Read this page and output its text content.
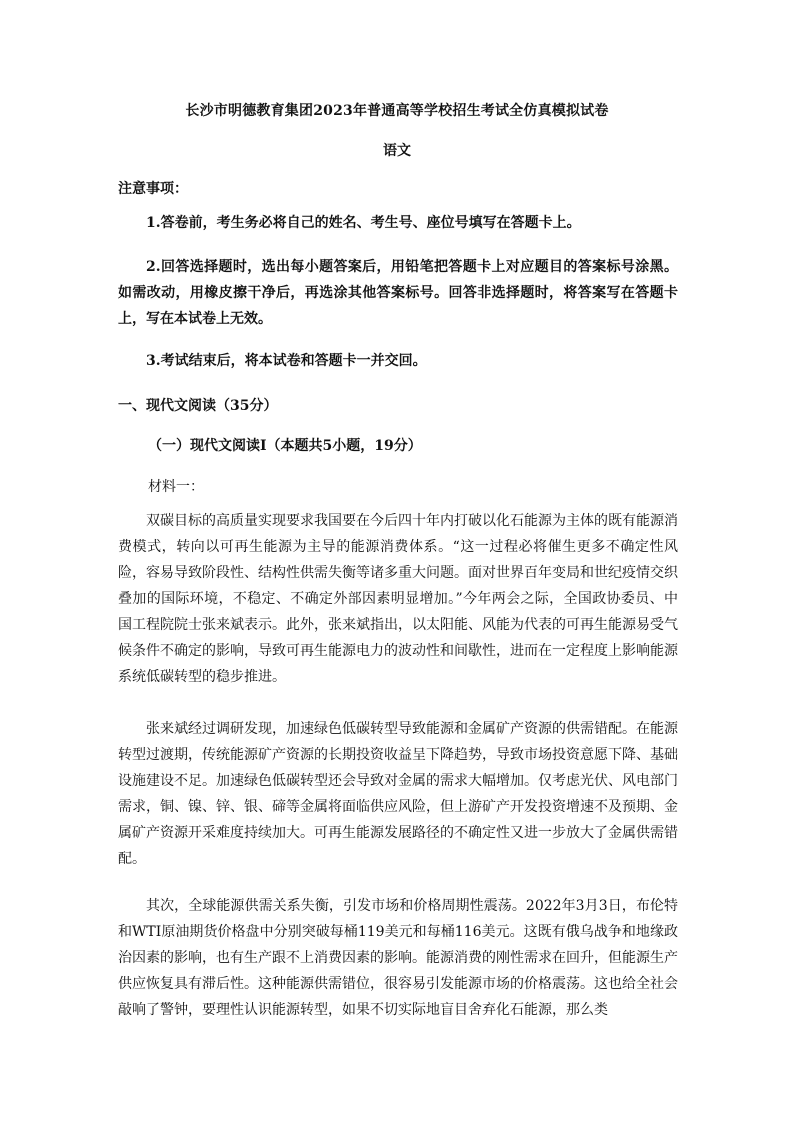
长沙市明德教育集团2023年普通高等学校招生考试全仿真模拟试卷
语文
注意事项：
1.答卷前，考生务必将自己的姓名、考生号、座位号填写在答题卡上。
2.回答选择题时，选出每小题答案后，用铅笔把答题卡上对应题目的答案标号涂黑。如需改动，用橡皮擦干净后，再选涂其他答案标号。回答非选择题时，将答案写在答题卡上，写在本试卷上无效。
3.考试结束后，将本试卷和答题卡一并交回。
一、现代文阅读（35分）
（一）现代文阅读Ⅰ（本题共5小题，19分）
材料一：
双碳目标的高质量实现要求我国要在今后四十年内打破以化石能源为主体的既有能源消费模式，转向以可再生能源为主导的能源消费体系。“这一过程必将催生更多不确定性风险，容易导致阶段性、结构性供需失衡等诸多重大问题。面对世界百年变局和世纪疫情交织叠加的国际环境，不稳定、不确定外部因素明显增加。”今年两会之际，全国政协委员、中国工程院院士张来斌表示。此外，张来斌指出，以太阳能、风能为代表的可再生能源易受气候条件不确定的影响，导致可再生能源电力的波动性和间歇性，进而在一定程度上影响能源系统低碳转型的稳步推进。
张来斌经过调研发现，加速绿色低碳转型导致能源和金属矿产资源的供需错配。在能源转型过渡期，传统能源矿产资源的长期投资收益呈下降趋势，导致市场投资意愿下降、基础设施建设不足。加速绿色低碳转型还会导致对金属的需求大幅增加。仅考虑光伏、风电部门需求，铜、镍、锌、银、碲等金属将面临供应风险，但上游矿产开发投资增速不及预期、金属矿产资源开采难度持续加大。可再生能源发展路径的不确定性又进一步放大了金属供需错配。
其次，全球能源供需关系失衡，引发市场和价格周期性震荡。2022年3月3日，布伦特和WTI原油期货价格盘中分别突破每桶119美元和每桶116美元。这既有俄乌战争和地缘政治因素的影响，也有生产跟不上消费因素的影响。能源消费的刚性需求在回升，但能源生产供应恢复具有滞后性。这种能源供需错位，很容易引发能源市场的价格震荡。这也给全社会敲响了警钟，要理性认识能源转型，如果不切实际地盲目舍弃化石能源，那么类
